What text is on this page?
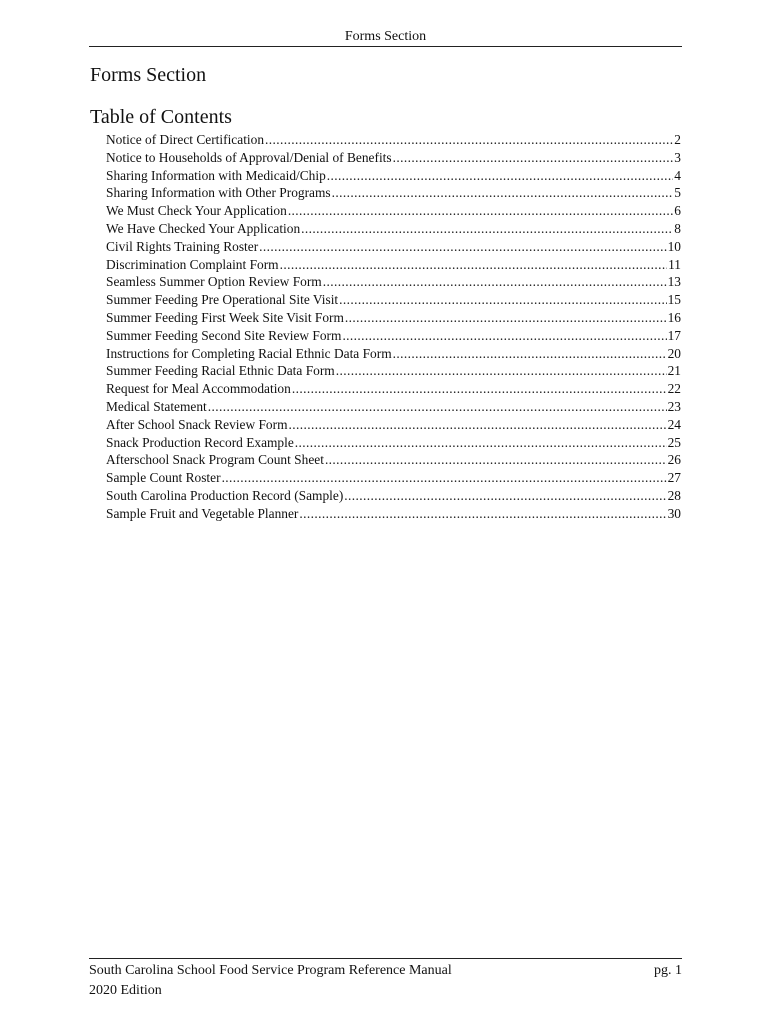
Forms Section
Forms Section
Table of Contents
Notice of Direct Certification .....	2
Notice to Households of Approval/Denial of Benefits .....	3
Sharing Information with Medicaid/Chip .....	4
Sharing Information with Other Programs .....	5
We Must Check Your Application .....	6
We Have Checked Your Application .....	8
Civil Rights Training Roster .....	10
Discrimination Complaint Form .....	11
Seamless Summer Option Review Form .....	13
Summer Feeding Pre Operational Site Visit .....	15
Summer Feeding First Week Site Visit Form .....	16
Summer Feeding Second Site Review Form .....	17
Instructions for Completing Racial Ethnic Data Form .....	20
Summer Feeding Racial Ethnic Data Form .....	21
Request for Meal Accommodation .....	22
Medical Statement .....	23
After School Snack Review Form .....	24
Snack Production Record Example .....	25
Afterschool Snack Program Count Sheet .....	26
Sample Count Roster .....	27
South Carolina Production Record (Sample) .....	28
Sample Fruit and Vegetable Planner .....	30
South Carolina School Food Service Program Reference Manual	pg. 1
2020 Edition
